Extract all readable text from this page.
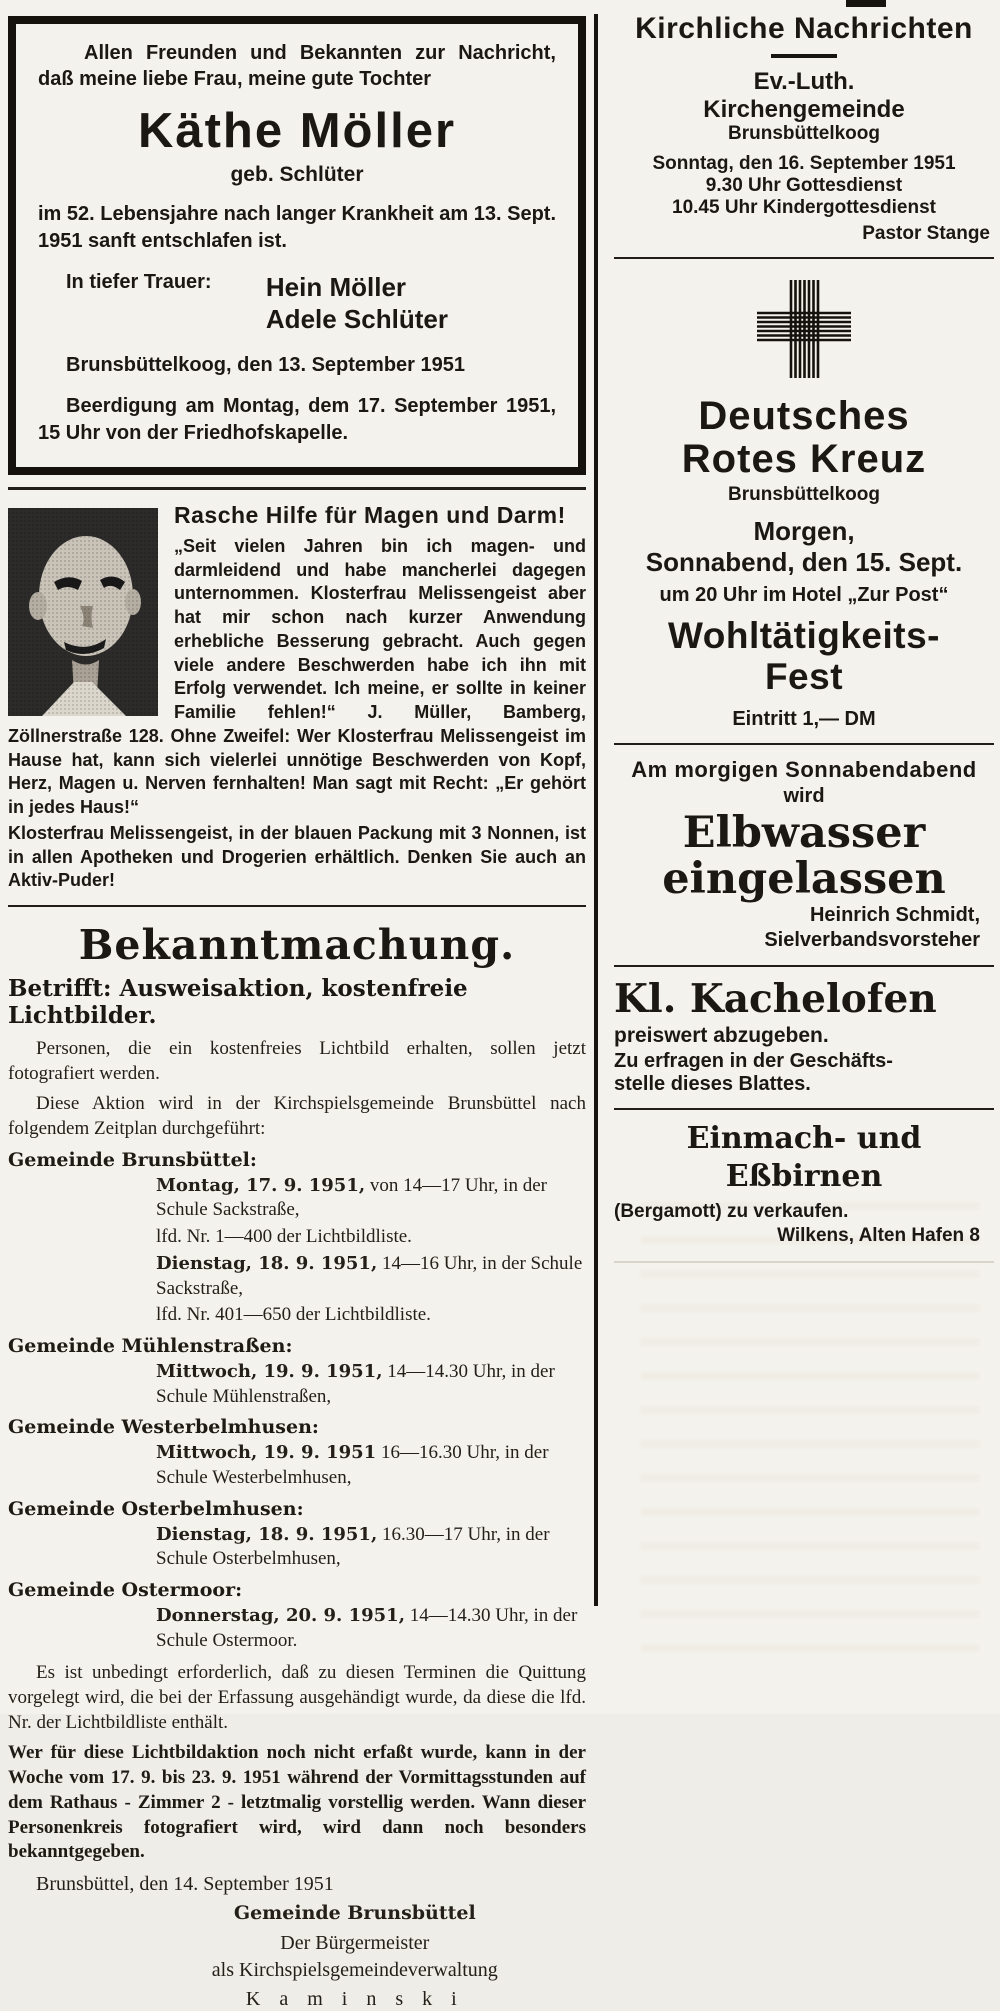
Allen Freunden und Bekannten zur Nachricht, daß meine liebe Frau, meine gute Tochter

Käthe Möller
geb. Schlüter

im 52. Lebensjahre nach langer Krankheit am 13. Sept. 1951 sanft entschlafen ist.

In tiefer Trauer:	Hein Möller
Adele Schlüter

Brunsbüttelkoog, den 13. September 1951

Beerdigung am Montag, dem 17. September 1951, 15 Uhr von der Friedhofskapelle.

Rasche Hilfe für Magen und Darm!

„Seit vielen Jahren bin ich magen- und darmleidend und habe mancherlei dagegen unternommen. Klosterfrau Melissengeist aber hat mir schon nach kurzer Anwendung erhebliche Besserung gebracht. Auch gegen viele andere Beschwerden habe ich ihn mit Erfolg verwendet. Ich meine, er sollte in keiner Familie fehlen!“ J. Müller, Bamberg, Zöllnerstraße 128. Ohne Zweifel: Wer Klosterfrau Melissengeist im Hause hat, kann sich vielerlei unnötige Beschwerden von Kopf, Herz, Magen u. Nerven fernhalten! Man sagt mit Recht: „Er gehört in jedes Haus!“

Klosterfrau Melissengeist, in der blauen Packung mit 3 Nonnen, ist in allen Apotheken und Drogerien erhältlich. Denken Sie auch an Aktiv-Puder!

Bekanntmachung.
Betrifft: Ausweisaktion, kostenfreie Lichtbilder.

Personen, die ein kostenfreies Lichtbild erhalten, sollen jetzt fotografiert werden.

Diese Aktion wird in der Kirchspielsgemeinde Brunsbüttel nach folgendem Zeitplan durchgeführt:

Gemeinde Brunsbüttel:
Montag, 17. 9. 1951, von 14—17 Uhr, in der Schule Sackstraße,
lfd. Nr. 1—400 der Lichtbildliste.
Dienstag, 18. 9. 1951, 14—16 Uhr, in der Schule Sackstraße,
lfd. Nr. 401—650 der Lichtbildliste.
Gemeinde Mühlenstraßen:
Mittwoch, 19. 9. 1951, 14—14.30 Uhr, in der Schule Mühlenstraßen,
Gemeinde Westerbelmhusen:
Mittwoch, 19. 9. 1951 16—16.30 Uhr, in der Schule Westerbelmhusen,
Gemeinde Osterbelmhusen:
Dienstag, 18. 9. 1951, 16.30—17 Uhr, in der Schule Osterbelmhusen,
Gemeinde Ostermoor:
Donnerstag, 20. 9. 1951, 14—14.30 Uhr, in der Schule Ostermoor.

Es ist unbedingt erforderlich, daß zu diesen Terminen die Quittung vorgelegt wird, die bei der Erfassung ausgehändigt wurde, da diese die lfd. Nr. der Lichtbildliste enthält.

Wer für diese Lichtbildaktion noch nicht erfaßt wurde, kann in der Woche vom 17. 9. bis 23. 9. 1951 während der Vormittagsstunden auf dem Rathaus - Zimmer 2 - letztmalig vorstellig werden. Wann dieser Personenkreis fotografiert wird, wird dann noch besonders bekanntgegeben.

Brunsbüttel, den 14. September 1951

Gemeinde Brunsbüttel
Der Bürgermeister
als Kirchspielsgemeindeverwaltung
K a m i n s k i
Kirchliche Nachrichten
Ev.-Luth.
Kirchengemeinde
Brunsbüttelkoog
Sonntag, den 16. September 1951
9.30 Uhr Gottesdienst
10.45 Uhr Kindergottesdienst
Pastor Stange
Deutsches
Rotes Kreuz
Brunsbüttelkoog
Morgen,
Sonnabend, den 15. Sept.
um 20 Uhr im Hotel „Zur Post“
Wohltätigkeits-
Fest
Eintritt 1,— DM
Am morgigen Sonnabendabend
wird
Elbwasser
eingelassen
Heinrich Schmidt,
Sielverbandsvorsteher
Kl. Kachelofen
preiswert abzugeben.
Zu erfragen in der Geschäfts-
stelle dieses Blattes.
Einmach- und
Eßbirnen
(Bergamott) zu verkaufen.
Wilkens, Alten Hafen 8
